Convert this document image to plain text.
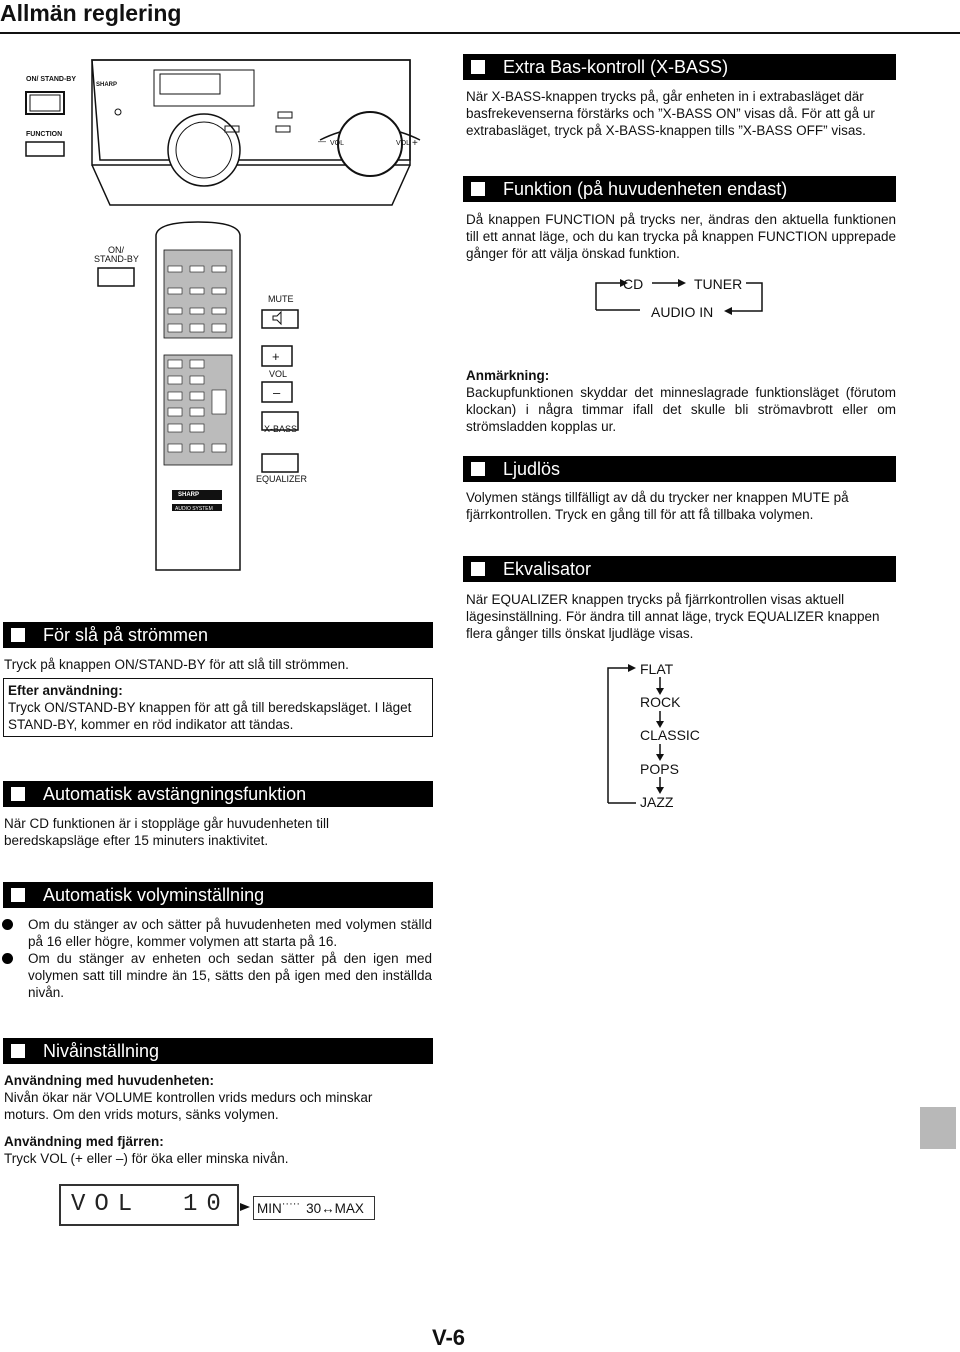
Allmän reglering
ON/ STAND-BY
FUNCTION
SHARP
— VOL	VOL +
ON/
STAND-BY
SHARP
AUDIO SYSTEM
MUTE
+
VOL
–
X-BASS
EQUALIZER
Extra Bas-kontroll (X-BASS)
När X-BASS-knappen trycks på, går enheten in i extrabasläget där basfrekevenserna förstärks och ”X-BASS ON” visas då. För att gå ur extrabasläget, tryck på X-BASS-knappen tills ”X-BASS OFF” visas.
Funktion (på huvudenheten endast)
Då knappen FUNCTION på trycks ner, ändras den aktuella funktionen till ett annat läge, och du kan trycka på knappen FUNCTION upprepade gånger för att välja önskad funktion.
CD	TUNER
AUDIO IN
Anmärkning:

Backupfunktionen skyddar det minneslagrade funktionsläget (förutom klockan) i några timmar ifall det skulle bli strömavbrott eller om strömsladden kopplas ur.
Ljudlös
Volymen stängs tillfälligt av då du trycker ner knappen MUTE på fjärrkontrollen. Tryck en gång till för att få tillbaka volymen.
Ekvalisator
När EQUALIZER knappen trycks på fjärrkontrollen visas aktuell lägesinställning. För ändra till annat läge, tryck EQUALIZER knappen flera gånger tills önskat ljudläge visas.
FLAT
ROCK
CLASSIC
POPS
JAZZ
För slå på strömmen
Tryck på knappen ON/STAND-BY för att slå till strömmen.
Efter användning:
Tryck ON/STAND-BY knappen för att gå till beredskapsläget. I läget STAND-BY, kommer en röd indikator att tändas.
Automatisk avstängningsfunktion
När CD funktionen är i stoppläge går huvudenheten till beredskapsläge efter 15 minuters inaktivitet.
Automatisk volyminställning
Om du stänger av och sätter på huvudenheten med volymen ställd på 16 eller högre, kommer volymen att starta på 16.
Om du stänger av enheten och sedan sätter på den igen med volymen satt till mindre än 15, sätts den på igen med den inställda nivån.
Nivåinställning
Användning med huvudenheten:
Nivån ökar när VOLUME kontrollen vrids medurs och minskar moturs. Om den vrids moturs, sänks volymen.
Användning med fjärren:
Tryck VOL (+ eller –) för öka eller minska nivån.
VOL 10 MIN ····· 30 ↔ MAX
V-6
